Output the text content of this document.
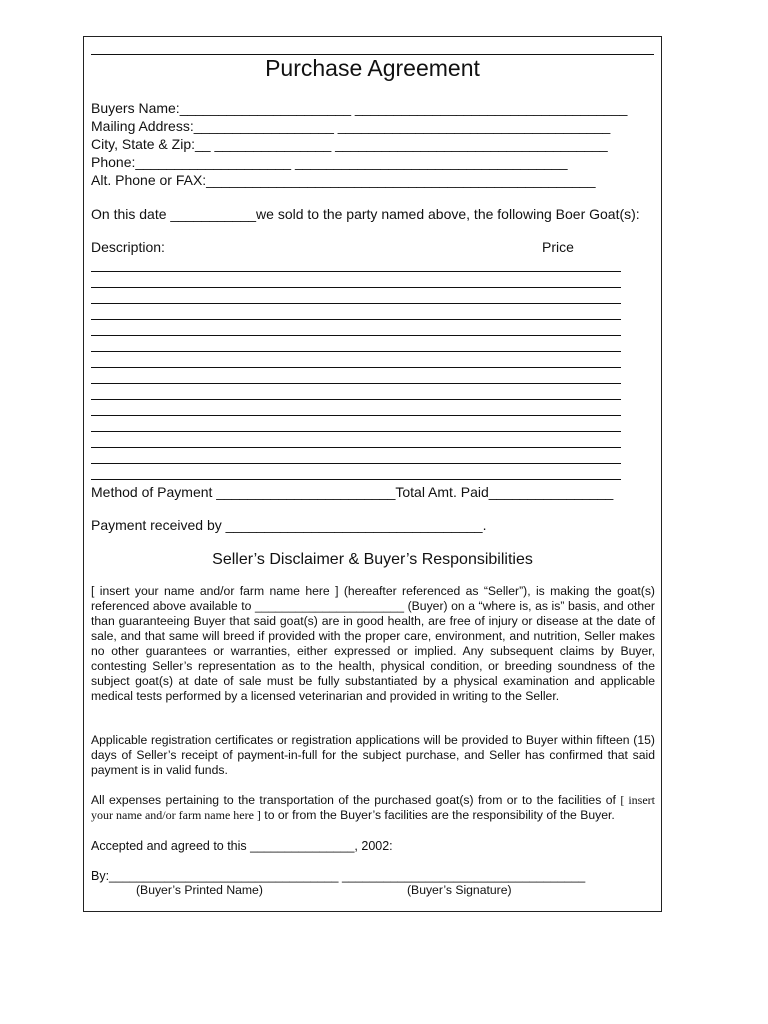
Purchase Agreement
Buyers Name:______________________ ___________________________________
Mailing Address:__________________ ___________________________________
City, State & Zip:__ _______________ ___________________________________
Phone:____________________ ___________________________________
Alt. Phone or FAX:__________________________________________________
On this date ___________we sold to the party named above, the following Boer Goat(s):
Description:	Price
Method of Payment _______________________Total Amt. Paid________________
Payment received by _________________________________.
Seller’s Disclaimer & Buyer’s Responsibilities
[ insert your name and/or farm name here ] (hereafter referenced as “Seller”), is making the goat(s) referenced above available to ______________________ (Buyer) on a “where is, as is” basis, and other than guaranteeing Buyer that said goat(s) are in good health, are free of injury or disease at the date of sale, and that same will breed if provided with the proper care, environment, and nutrition, Seller makes no other guarantees or warranties, either expressed or implied. Any subsequent claims by Buyer, contesting Seller’s representation as to the health, physical condition, or breeding soundness of the subject goat(s) at date of sale must be fully substantiated by a physical examination and applicable medical tests performed by a licensed veterinarian and provided in writing to the Seller.
Applicable registration certificates or registration applications will be provided to Buyer within fifteen (15) days of Seller’s receipt of payment-in-full for the subject purchase, and Seller has confirmed that said payment is in valid funds.
All expenses pertaining to the transportation of the purchased goat(s) from or to the facilities of [ insert your name and/or farm name here ] to or from the Buyer’s facilities are the responsibility of the Buyer.
Accepted and agreed to this _______________, 2002:
By:_________________________________ ___________________________________
(Buyer’s Printed Name)	(Buyer’s Signature)
